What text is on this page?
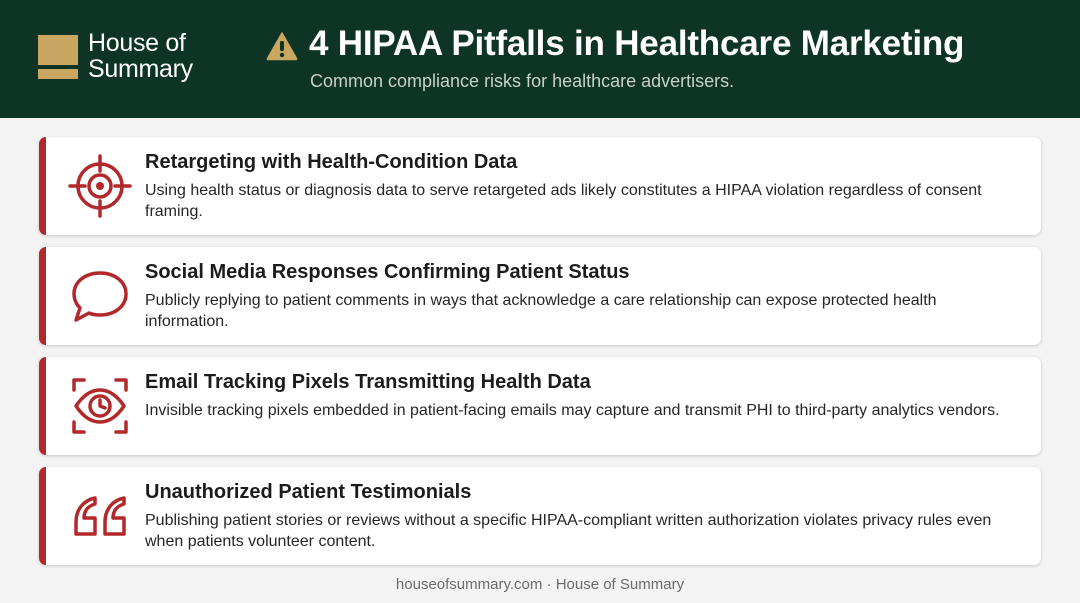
House of
Summary
4 HIPAA Pitfalls in Healthcare Marketing
Common compliance risks for healthcare advertisers.
Retargeting with Health-Condition Data
Using health status or diagnosis data to serve retargeted ads likely constitutes a HIPAA violation regardless of consent framing.
Social Media Responses Confirming Patient Status
Publicly replying to patient comments in ways that acknowledge a care relationship can expose protected health information.
Email Tracking Pixels Transmitting Health Data
Invisible tracking pixels embedded in patient-facing emails may capture and transmit PHI to third-party analytics vendors.
Unauthorized Patient Testimonials
Publishing patient stories or reviews without a specific HIPAA-compliant written authorization violates privacy rules even when patients volunteer content.
houseofsummary.com · House of Summary
